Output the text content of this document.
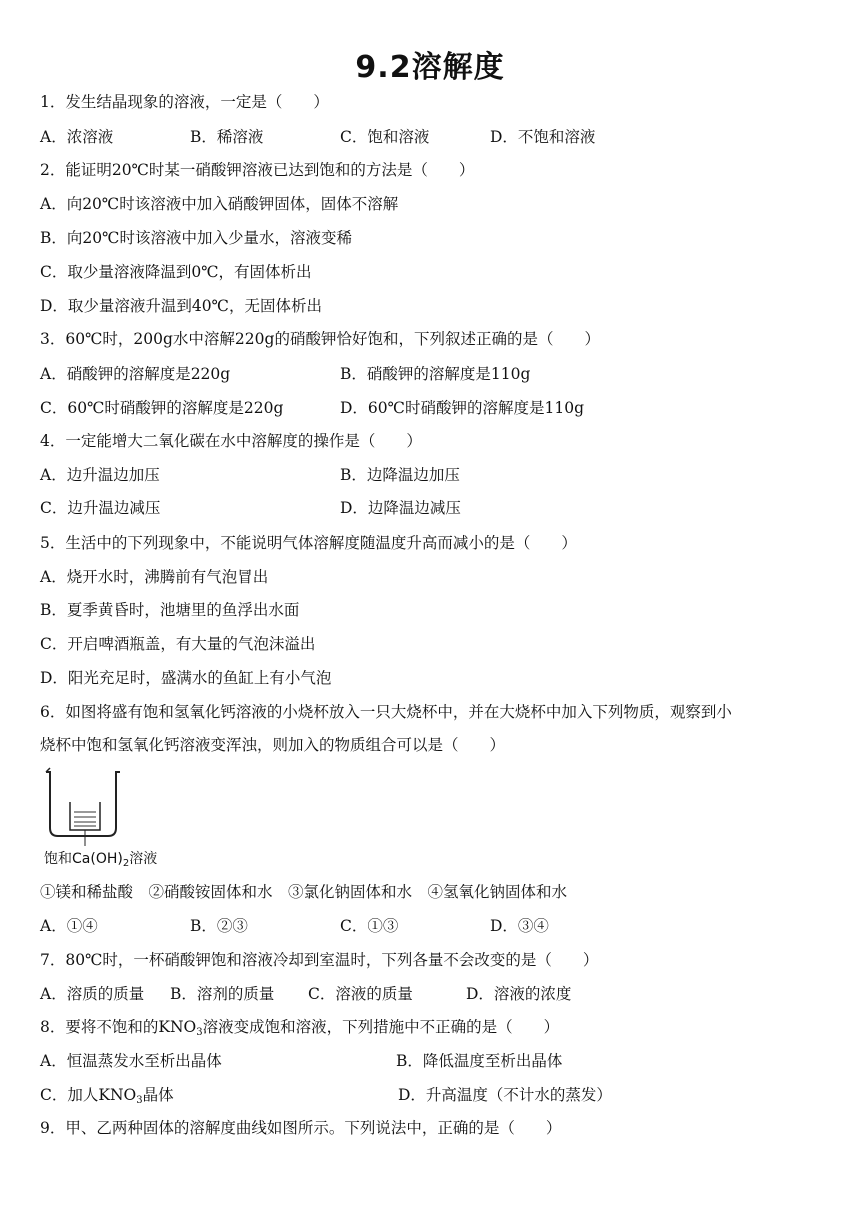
9.2溶解度
1．发生结晶现象的溶液，一定是（　　）
A．浓溶液	B．稀溶液	C．饱和溶液	D．不饱和溶液
2．能证明20℃时某一硝酸钾溶液已达到饱和的方法是（　　）
A．向20℃时该溶液中加入硝酸钾固体，固体不溶解
B．向20℃时该溶液中加入少量水，溶液变稀
C．取少量溶液降温到0℃，有固体析出
D．取少量溶液升温到40℃，无固体析出
3．60℃时，200g水中溶解220g的硝酸钾恰好饱和，下列叙述正确的是（　　）
A．硝酸钾的溶解度是220g	B．硝酸钾的溶解度是110g
C．60℃时硝酸钾的溶解度是220g	D．60℃时硝酸钾的溶解度是110g
4．一定能增大二氧化碳在水中溶解度的操作是（　　）
A．边升温边加压	B．边降温边加压
C．边升温边减压	D．边降温边减压
5．生活中的下列现象中，不能说明气体溶解度随温度升高而减小的是（　　）
A．烧开水时，沸腾前有气泡冒出
B．夏季黄昏时，池塘里的鱼浮出水面
C．开启啤酒瓶盖，有大量的气泡沫溢出
D．阳光充足时，盛满水的鱼缸上有小气泡
6．如图将盛有饱和氢氧化钙溶液的小烧杯放入一只大烧杯中，并在大烧杯中加入下列物质，观察到小
烧杯中饱和氢氧化钙溶液变浑浊，则加入的物质组合可以是（　　）
饱和$Ca(OH)_2$溶液
①镁和稀盐酸　②硝酸铵固体和水　③氯化钠固体和水　④氢氧化钠固体和水
A．①④	B．②③	C．①③	D．③④
7．80℃时，一杯硝酸钾饱和溶液冷却到室温时，下列各量不会改变的是（　　）
A．溶质的质量 B．溶剂的质量 C．溶液的质量	D．溶液的浓度
8．要将不饱和的$KNO_3$溶液变成饱和溶液，下列措施中不正确的是（　　）
A．恒温蒸发水至析出晶体	B．降低温度至析出晶体
C．加人$KNO_3$晶体	D．升高温度（不计水的蒸发）
9．甲、乙两种固体的溶解度曲线如图所示。下列说法中，正确的是（　　）
